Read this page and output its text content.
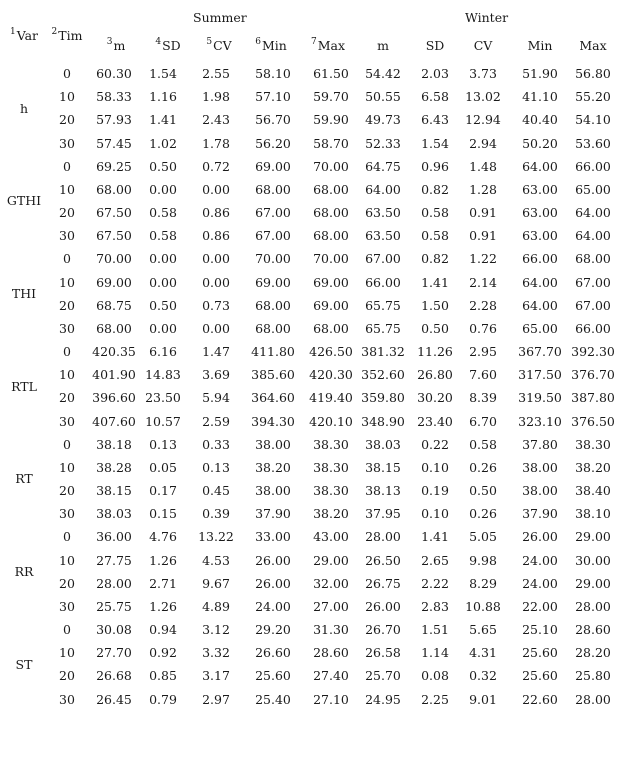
Summer	Winter
$^1$Var $^2$Tim	$^3$m	$^4$SD	$^5$CV	$^6$Min	$^7$Max	m	SD CV	Min Max
h
0 60.30 1.54 2.55 58.10 61.50 54.42 2.03 3.73 51.90 56.80
10 58.33 1.16 1.98 57.10 59.70 50.55 6.58 13.02 41.10 55.20
20 57.93 1.41 2.43 56.70 59.90 49.73 6.43 12.94 40.40 54.10
30 57.45 1.02 1.78 56.20 58.70 52.33 1.54 2.94 50.20 53.60
GTHI
0 69.25 0.50 0.72 69.00 70.00 64.75 0.96 1.48 64.00 66.00
10 68.00 0.00 0.00 68.00 68.00 64.00 0.82 1.28 63.00 65.00
20 67.50 0.58 0.86 67.00 68.00 63.50 0.58 0.91 63.00 64.00
30 67.50 0.58 0.86 67.00 68.00 63.50 0.58 0.91 63.00 64.00
THI
0 70.00 0.00 0.00 70.00 70.00 67.00 0.82 1.22 66.00 68.00
10 69.00 0.00 0.00 69.00 69.00 66.00 1.41 2.14 64.00 67.00
20 68.75 0.50 0.73 68.00 69.00 65.75 1.50 2.28 64.00 67.00
30 68.00 0.00 0.00 68.00 68.00 65.75 0.50 0.76 65.00 66.00
RTL
0 420.35 6.16 1.47 411.80 426.50 381.32 11.26 2.95 367.70 392.30
10 401.90 14.83 3.69 385.60 420.30 352.60 26.80 7.60 317.50 376.70
20 396.60 23.50 5.94 364.60 419.40 359.80 30.20 8.39 319.50 387.80
30 407.60 10.57 2.59 394.30 420.10 348.90 23.40 6.70 323.10 376.50
RT
0 38.18 0.13 0.33 38.00 38.30 38.03 0.22 0.58 37.80 38.30
10 38.28 0.05 0.13 38.20 38.30 38.15 0.10 0.26 38.00 38.20
20 38.15 0.17 0.45 38.00 38.30 38.13 0.19 0.50 38.00 38.40
30 38.03 0.15 0.39 37.90 38.20 37.95 0.10 0.26 37.90 38.10
RR
0 36.00 4.76 13.22 33.00 43.00 28.00 1.41 5.05 26.00 29.00
10 27.75 1.26 4.53 26.00 29.00 26.50 2.65 9.98 24.00 30.00
20 28.00 2.71 9.67 26.00 32.00 26.75 2.22 8.29 24.00 29.00
30 25.75 1.26 4.89 24.00 27.00 26.00 2.83 10.88 22.00 28.00
ST
0 30.08 0.94 3.12 29.20 31.30 26.70 1.51 5.65 25.10 28.60
10 27.70 0.92 3.32 26.60 28.60 26.58 1.14 4.31 25.60 28.20
20 26.68 0.85 3.17 25.60 27.40 25.70 0.08 0.32 25.60 25.80
30 26.45 0.79 2.97 25.40 27.10 24.95 2.25 9.01 22.60 28.00
